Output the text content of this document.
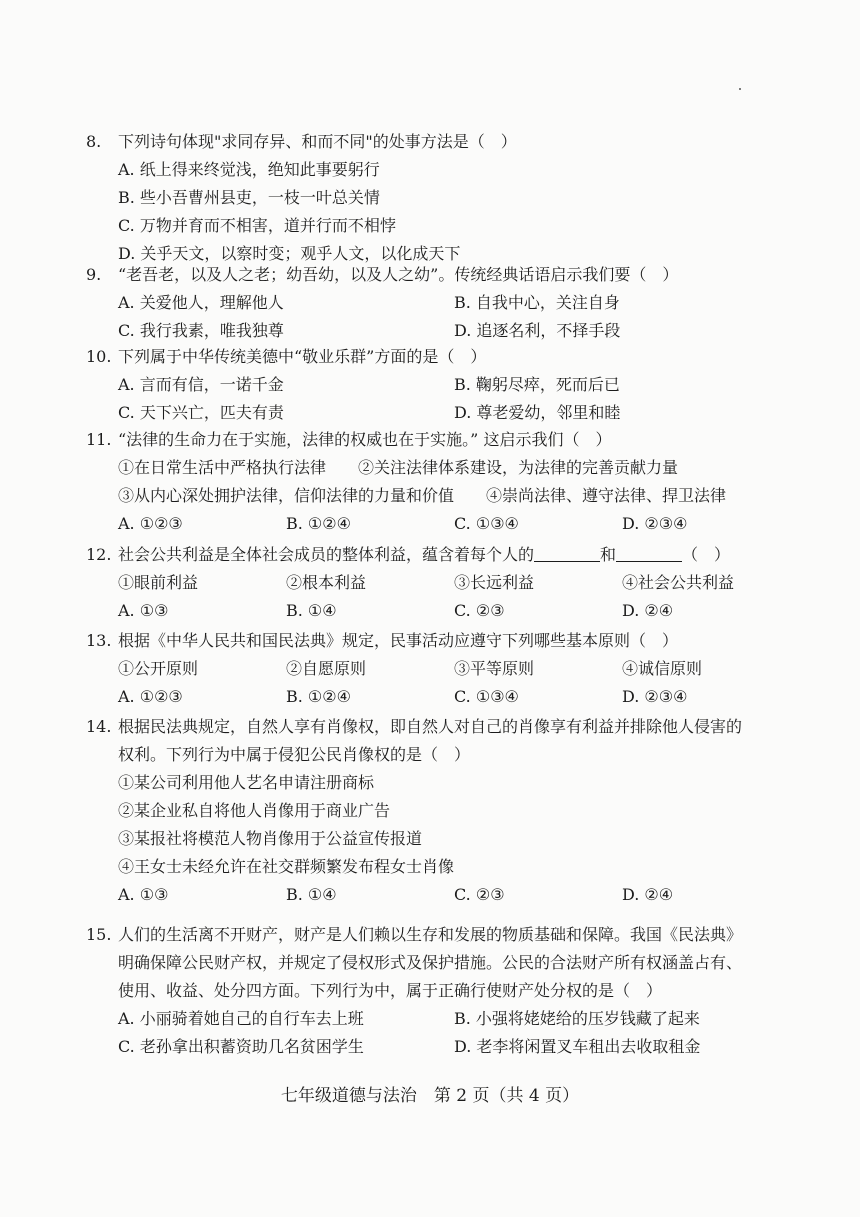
8. 下列诗句体现"求同存异、和而不同"的处事方法是（　）
A. 纸上得来终觉浅，绝知此事要躬行
B. 些小吾曹州县吏，一枝一叶总关情
C. 万物并育而不相害，道并行而不相悖
D. 关乎天文，以察时变；观乎人文，以化成天下
9. “老吾老，以及人之老；幼吾幼，以及人之幼”。传统经典话语启示我们要（　）
A. 关爱他人，理解他人	B. 自我中心，关注自身
C. 我行我素，唯我独尊	D. 追逐名利，不择手段
10. 下列属于中华传统美德中“敬业乐群”方面的是（　）
A. 言而有信，一诺千金	B. 鞠躬尽瘁，死而后已
C. 天下兴亡，匹夫有责	D. 尊老爱幼，邻里和睦
11. “法律的生命力在于实施，法律的权威也在于实施。” 这启示我们（　）
①在日常生活中严格执行法律　　②关注法律体系建设，为法律的完善贡献力量
③从内心深处拥护法律，信仰法律的力量和价值　　④崇尚法律、遵守法律、捍卫法律
A. ①②③	B. ①②④	C. ①③④	D. ②③④
12. 社会公共利益是全体社会成员的整体利益，蕴含着每个人的	和	（　）
①眼前利益	②根本利益	③长远利益	④社会公共利益
A. ①③	B. ①④	C. ②③	D. ②④
13. 根据《中华人民共和国民法典》规定，民事活动应遵守下列哪些基本原则（　）
①公开原则	②自愿原则	③平等原则	④诚信原则
A. ①②③	B. ①②④	C. ①③④	D. ②③④
14. 根据民法典规定，自然人享有肖像权，即自然人对自己的肖像享有利益并排除他人侵害的
权利。下列行为中属于侵犯公民肖像权的是（　）
①某公司利用他人艺名申请注册商标
②某企业私自将他人肖像用于商业广告
③某报社将模范人物肖像用于公益宣传报道
④王女士未经允许在社交群频繁发布程女士肖像
A. ①③	B. ①④	C. ②③	D. ②④
15. 人们的生活离不开财产，财产是人们赖以生存和发展的物质基础和保障。我国《民法典》
明确保障公民财产权，并规定了侵权形式及保护措施。公民的合法财产所有权涵盖占有、
使用、收益、处分四方面。下列行为中，属于正确行使财产处分权的是（　）
A. 小丽骑着她自己的自行车去上班	B. 小强将姥姥给的压岁钱藏了起来
C. 老孙拿出积蓄资助几名贫困学生	D. 老李将闲置叉车租出去收取租金
七年级道德与法治　第 2 页（共 4 页）
